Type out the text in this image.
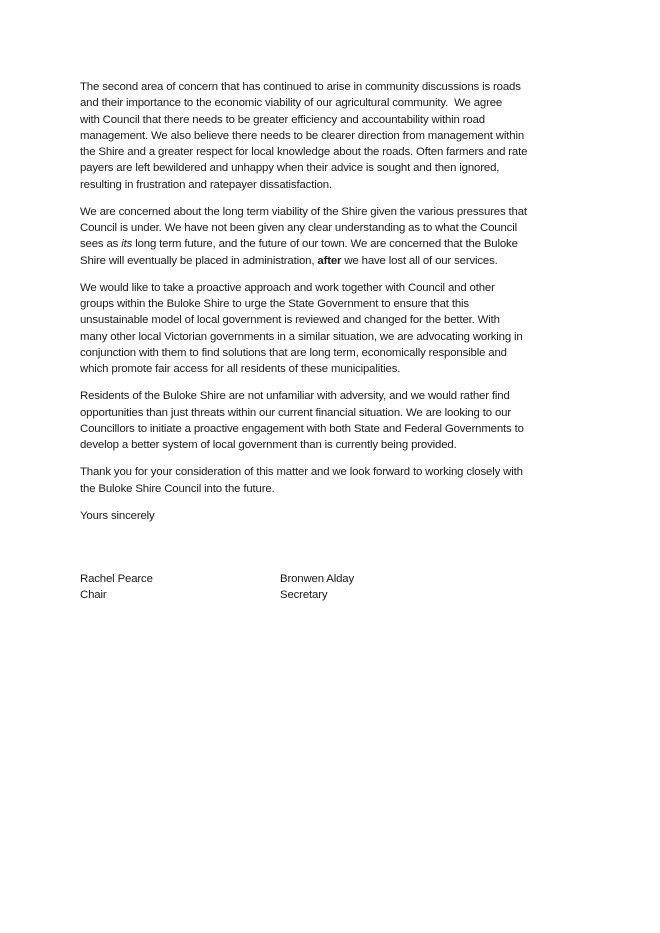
The second area of concern that has continued to arise in community discussions is roads
and their importance to the economic viability of our agricultural community.  We agree
with Council that there needs to be greater efficiency and accountability within road
management. We also believe there needs to be clearer direction from management within
the Shire and a greater respect for local knowledge about the roads. Often farmers and rate
payers are left bewildered and unhappy when their advice is sought and then ignored,
resulting in frustration and ratepayer dissatisfaction.
We are concerned about the long term viability of the Shire given the various pressures that
Council is under. We have not been given any clear understanding as to what the Council
sees as its long term future, and the future of our town. We are concerned that the Buloke
Shire will eventually be placed in administration, after we have lost all of our services.
We would like to take a proactive approach and work together with Council and other
groups within the Buloke Shire to urge the State Government to ensure that this
unsustainable model of local government is reviewed and changed for the better. With
many other local Victorian governments in a similar situation, we are advocating working in
conjunction with them to find solutions that are long term, economically responsible and
which promote fair access for all residents of these municipalities.
Residents of the Buloke Shire are not unfamiliar with adversity, and we would rather find
opportunities than just threats within our current financial situation. We are looking to our
Councillors to initiate a proactive engagement with both State and Federal Governments to
develop a better system of local government than is currently being provided.
Thank you for your consideration of this matter and we look forward to working closely with
the Buloke Shire Council into the future.
Yours sincerely
Rachel Pearce
Chair
Bronwen Alday
Secretary
